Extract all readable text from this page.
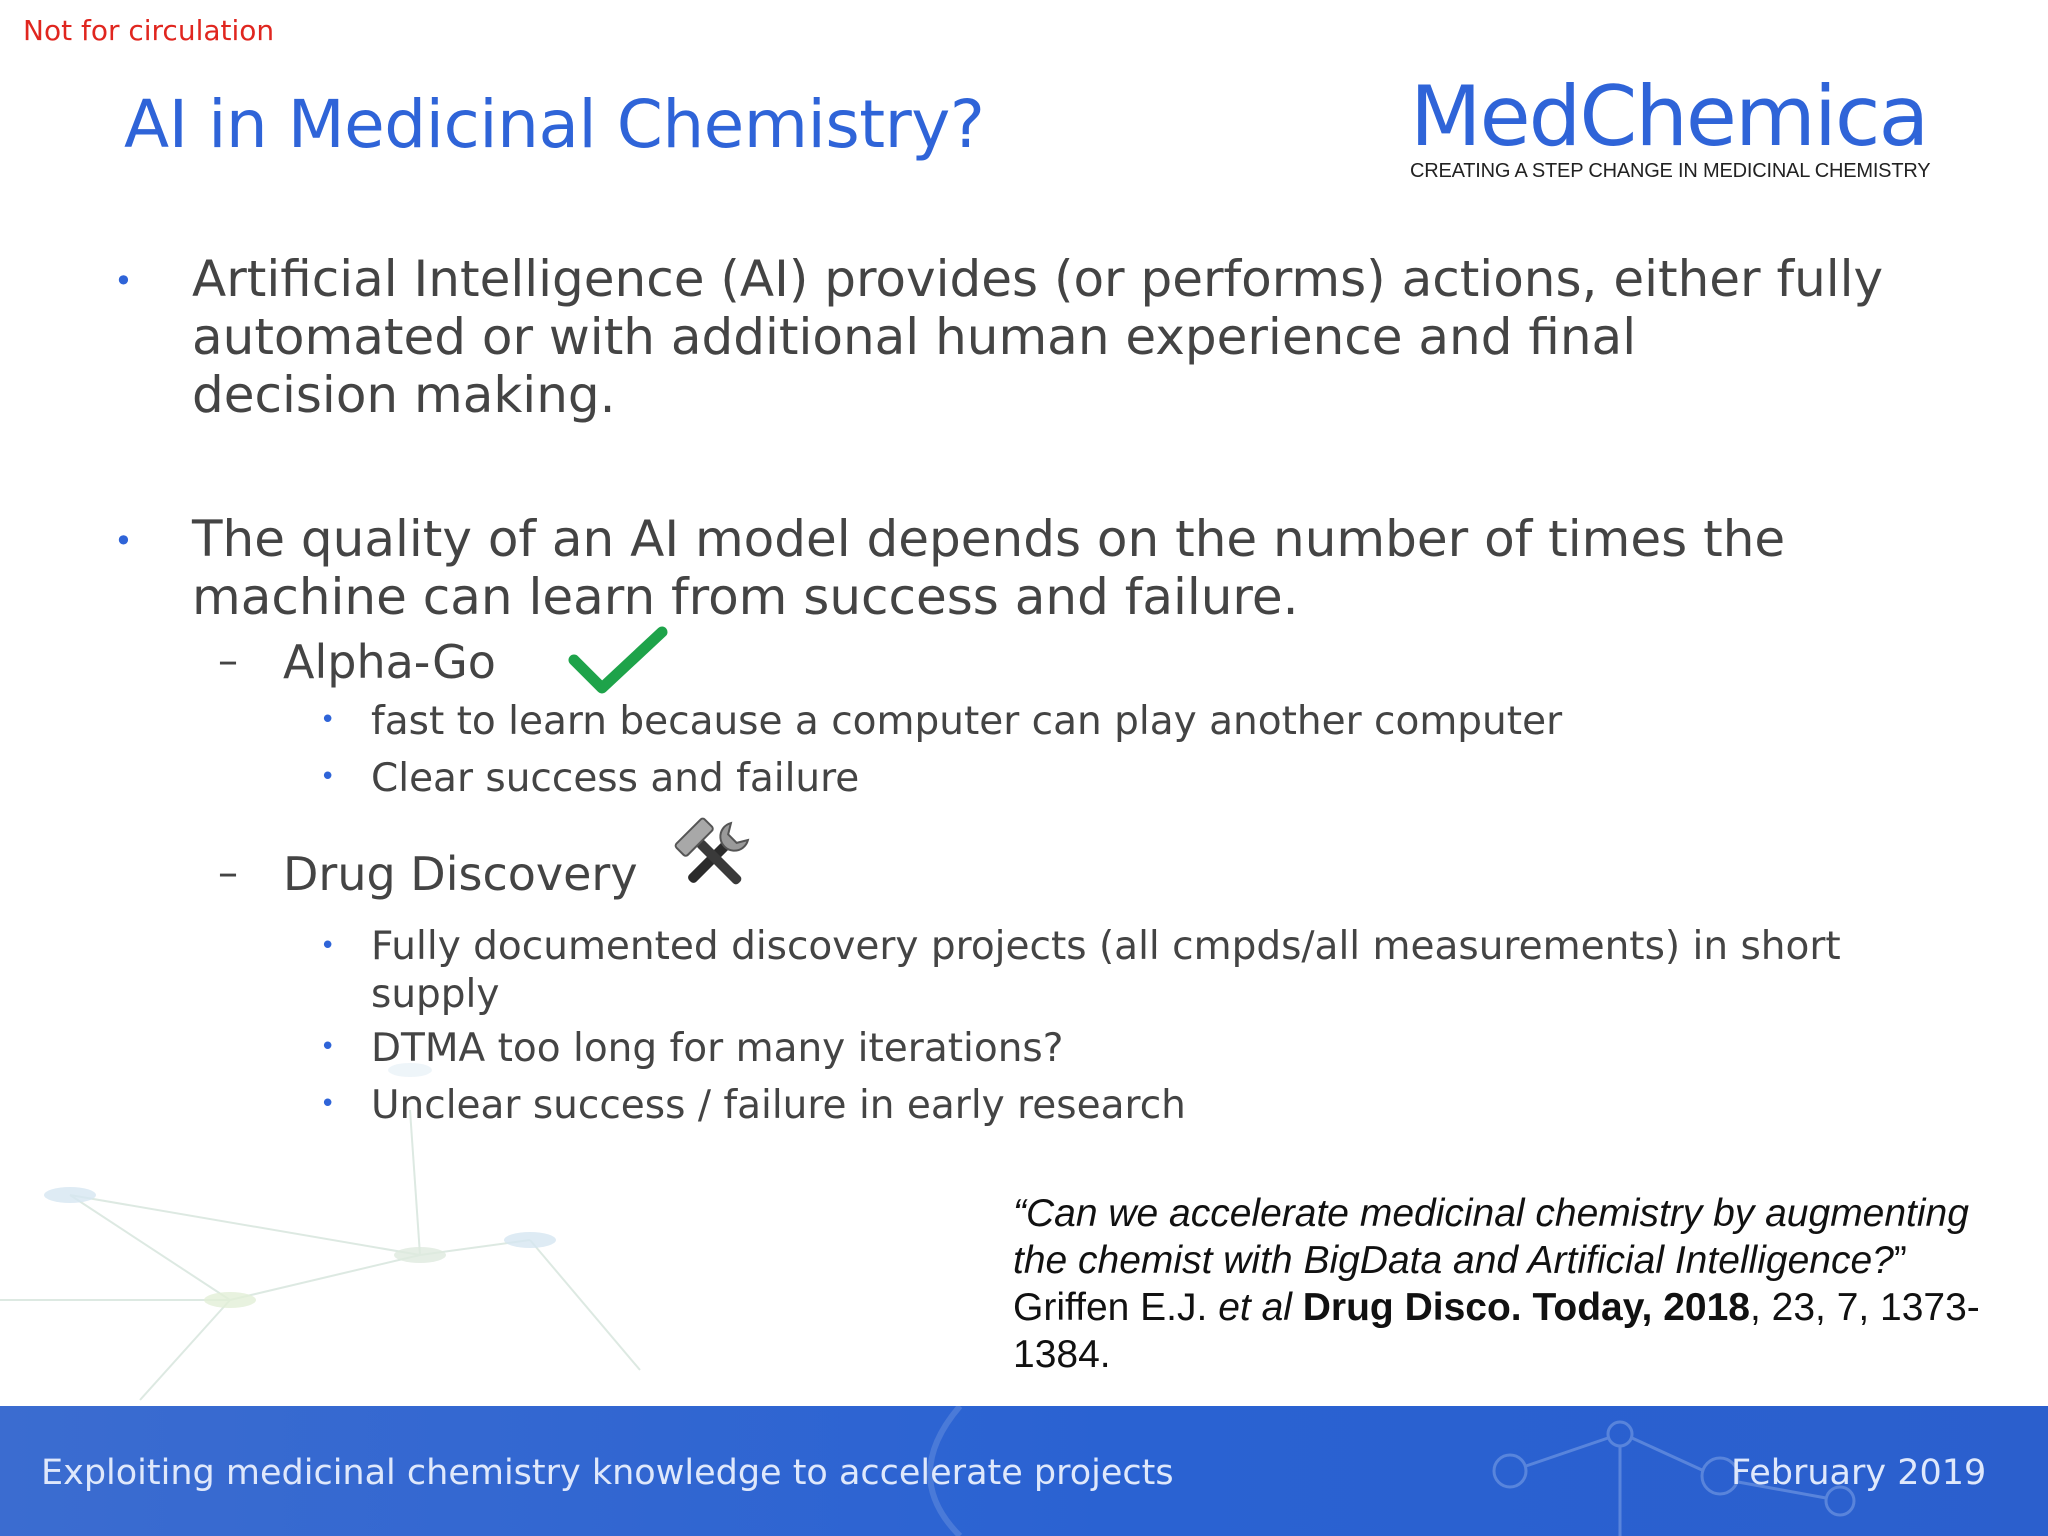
Not for circulation
AI in Medicinal Chemistry?	MedChemica
CREATING A STEP CHANGE IN MEDICINAL CHEMISTRY
• Artificial Intelligence (AI) provides (or performs) actions, either fully
automated or with additional human experience and final
decision making.
• The quality of an AI model depends on the number of times the
machine can learn from success and failure.
– Alpha-Go
• fast to learn because a computer can play another computer
• Clear success and failure
– Drug Discovery
• Fully documented discovery projects (all cmpds/all measurements) in short
supply
• DTMA too long for many iterations?
• Unclear success / failure in early research
“Can we accelerate medicinal chemistry by augmenting the chemist with BigData and Artificial Intelligence?” Griffen E.J. et al Drug Disco. Today, 2018, 23, 7, 1373-1384.
Exploiting medicinal chemistry knowledge to accelerate projects	February 2019
